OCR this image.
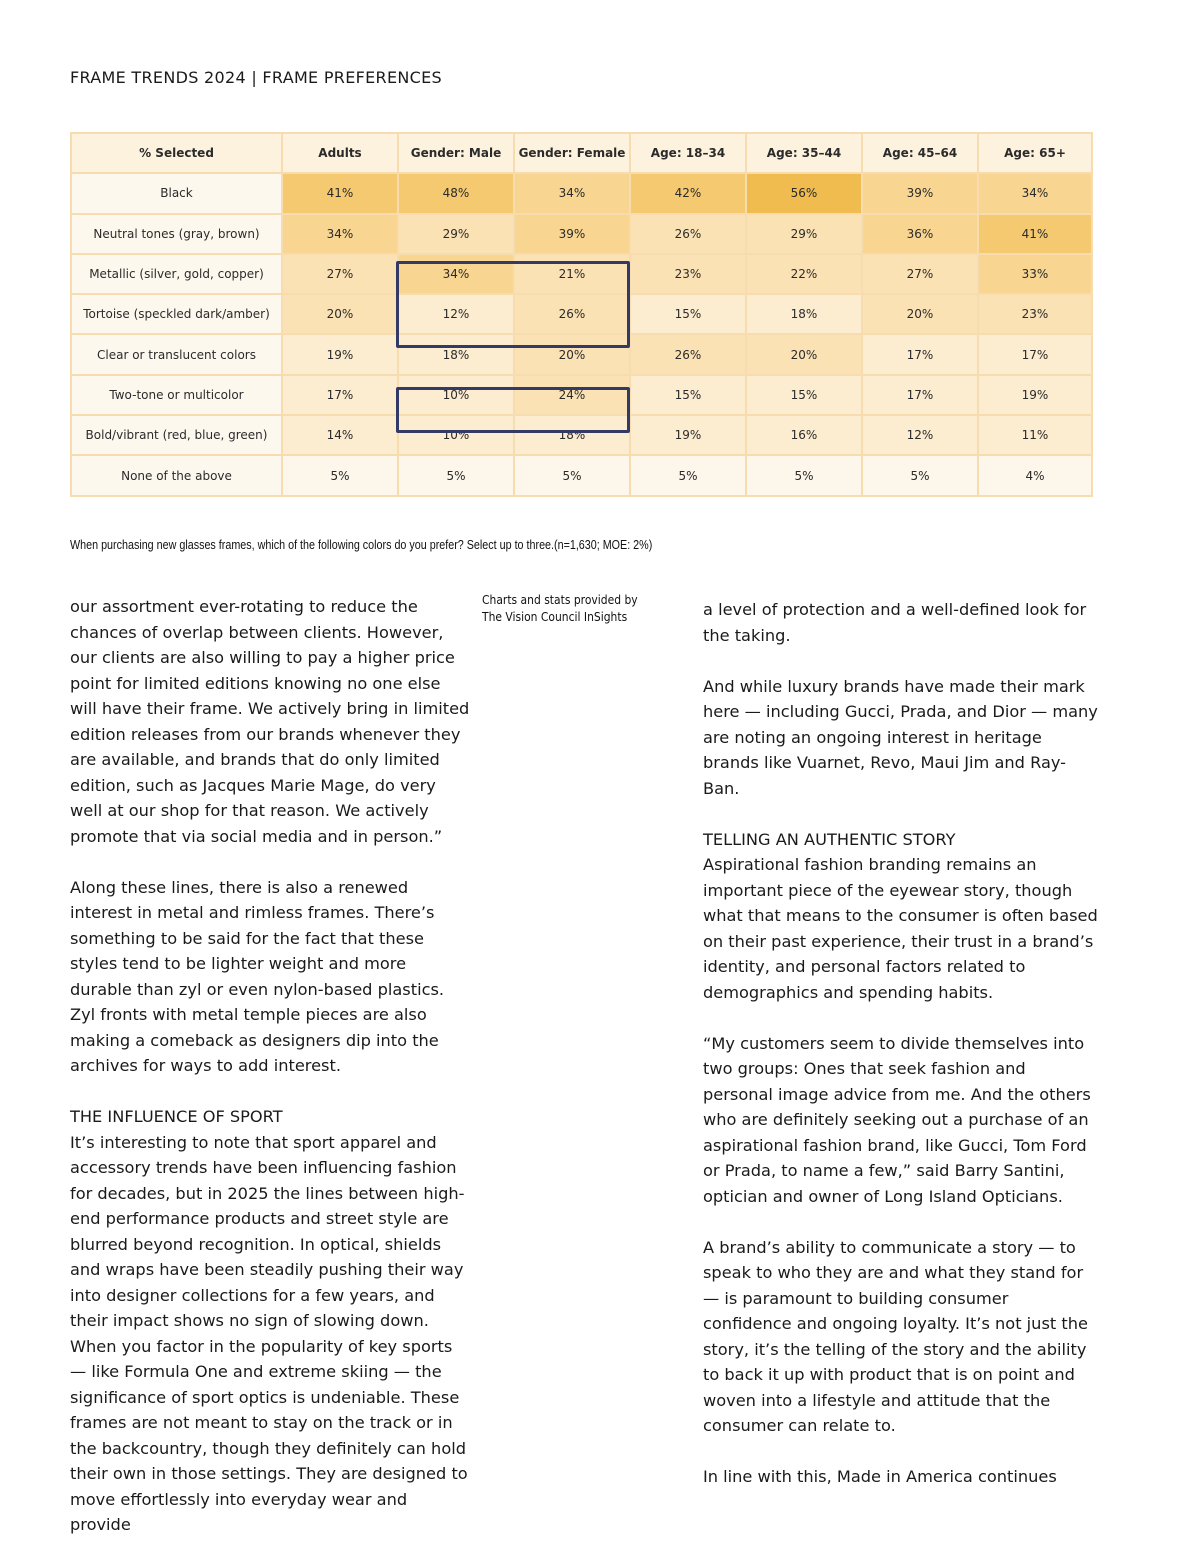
FRAME TRENDS 2024 | FRAME PREFERENCES
% Selected	Adults	Gender: Male	Gender: Female	Age: 18–34	Age: 35–44	Age: 45–64	Age: 65+
Black	41%	48%	34%	42%	56%	39%	34%
Neutral tones (gray, brown)	34%	29%	39%	26%	29%	36%	41%
Metallic (silver, gold, copper)	27%	34%	21%	23%	22%	27%	33%
Tortoise (speckled dark/amber)	20%	12%	26%	15%	18%	20%	23%
Clear or translucent colors	19%	18%	20%	26%	20%	17%	17%
Two-tone or multicolor	17%	10%	24%	15%	15%	17%	19%
Bold/vibrant (red, blue, green)	14%	10%	18%	19%	16%	12%	11%
None of the above	5%	5%	5%	5%	5%	5%	4%
When purchasing new glasses frames, which of the following colors do you prefer? Select up to three.(n=1,630; MOE: 2%)

our assortment ever-rotating to reduce the chances of overlap between clients. However, our clients are also willing to pay a higher price point for limited editions knowing no one else will have their frame. We actively bring in limited edition releases from our brands whenever they are available, and brands that do only limited edition, such as Jacques Marie Mage, do very well at our shop for that reason. We actively promote that via social media and in person.”

Along these lines, there is also a renewed interest in metal and rimless frames. There’s something to be said for the fact that these styles tend to be lighter weight and more durable than zyl or even nylon-based plastics. Zyl fronts with metal temple pieces are also making a comeback as designers dip into the archives for ways to add interest.

THE INFLUENCE OF SPORT
It’s interesting to note that sport apparel and accessory trends have been influencing fashion for decades, but in 2025 the lines between high-end performance products and street style are blurred beyond recognition. In optical, shields and wraps have been steadily pushing their way into designer collections for a few years, and their impact shows no sign of slowing down. When you factor in the popularity of key sports — like Formula One and extreme skiing — the significance of sport optics is undeniable. These frames are not meant to stay on the track or in the backcountry, though they definitely can hold their own in those settings. They are designed to move effortlessly into everyday wear and provide

Charts and stats provided by
The Vision Council InSights	a level of protection and a well-defined look for the taking.

And while luxury brands have made their mark here — including Gucci, Prada, and Dior — many are noting an ongoing interest in heritage brands like Vuarnet, Revo, Maui Jim and Ray-Ban.

TELLING AN AUTHENTIC STORY
Aspirational fashion branding remains an important piece of the eyewear story, though what that means to the consumer is often based on their past experience, their trust in a brand’s identity, and personal factors related to demographics and spending habits.

“My customers seem to divide themselves into two groups: Ones that seek fashion and personal image advice from me. And the others who are definitely seeking out a purchase of an aspirational fashion brand, like Gucci, Tom Ford or Prada, to name a few,” said Barry Santini, optician and owner of Long Island Opticians.

A brand’s ability to communicate a story — to speak to who they are and what they stand for — is paramount to building consumer confidence and ongoing loyalty. It’s not just the story, it’s the telling of the story and the ability to back it up with product that is on point and woven into a lifestyle and attitude that the consumer can relate to.

In line with this, Made in America continues
